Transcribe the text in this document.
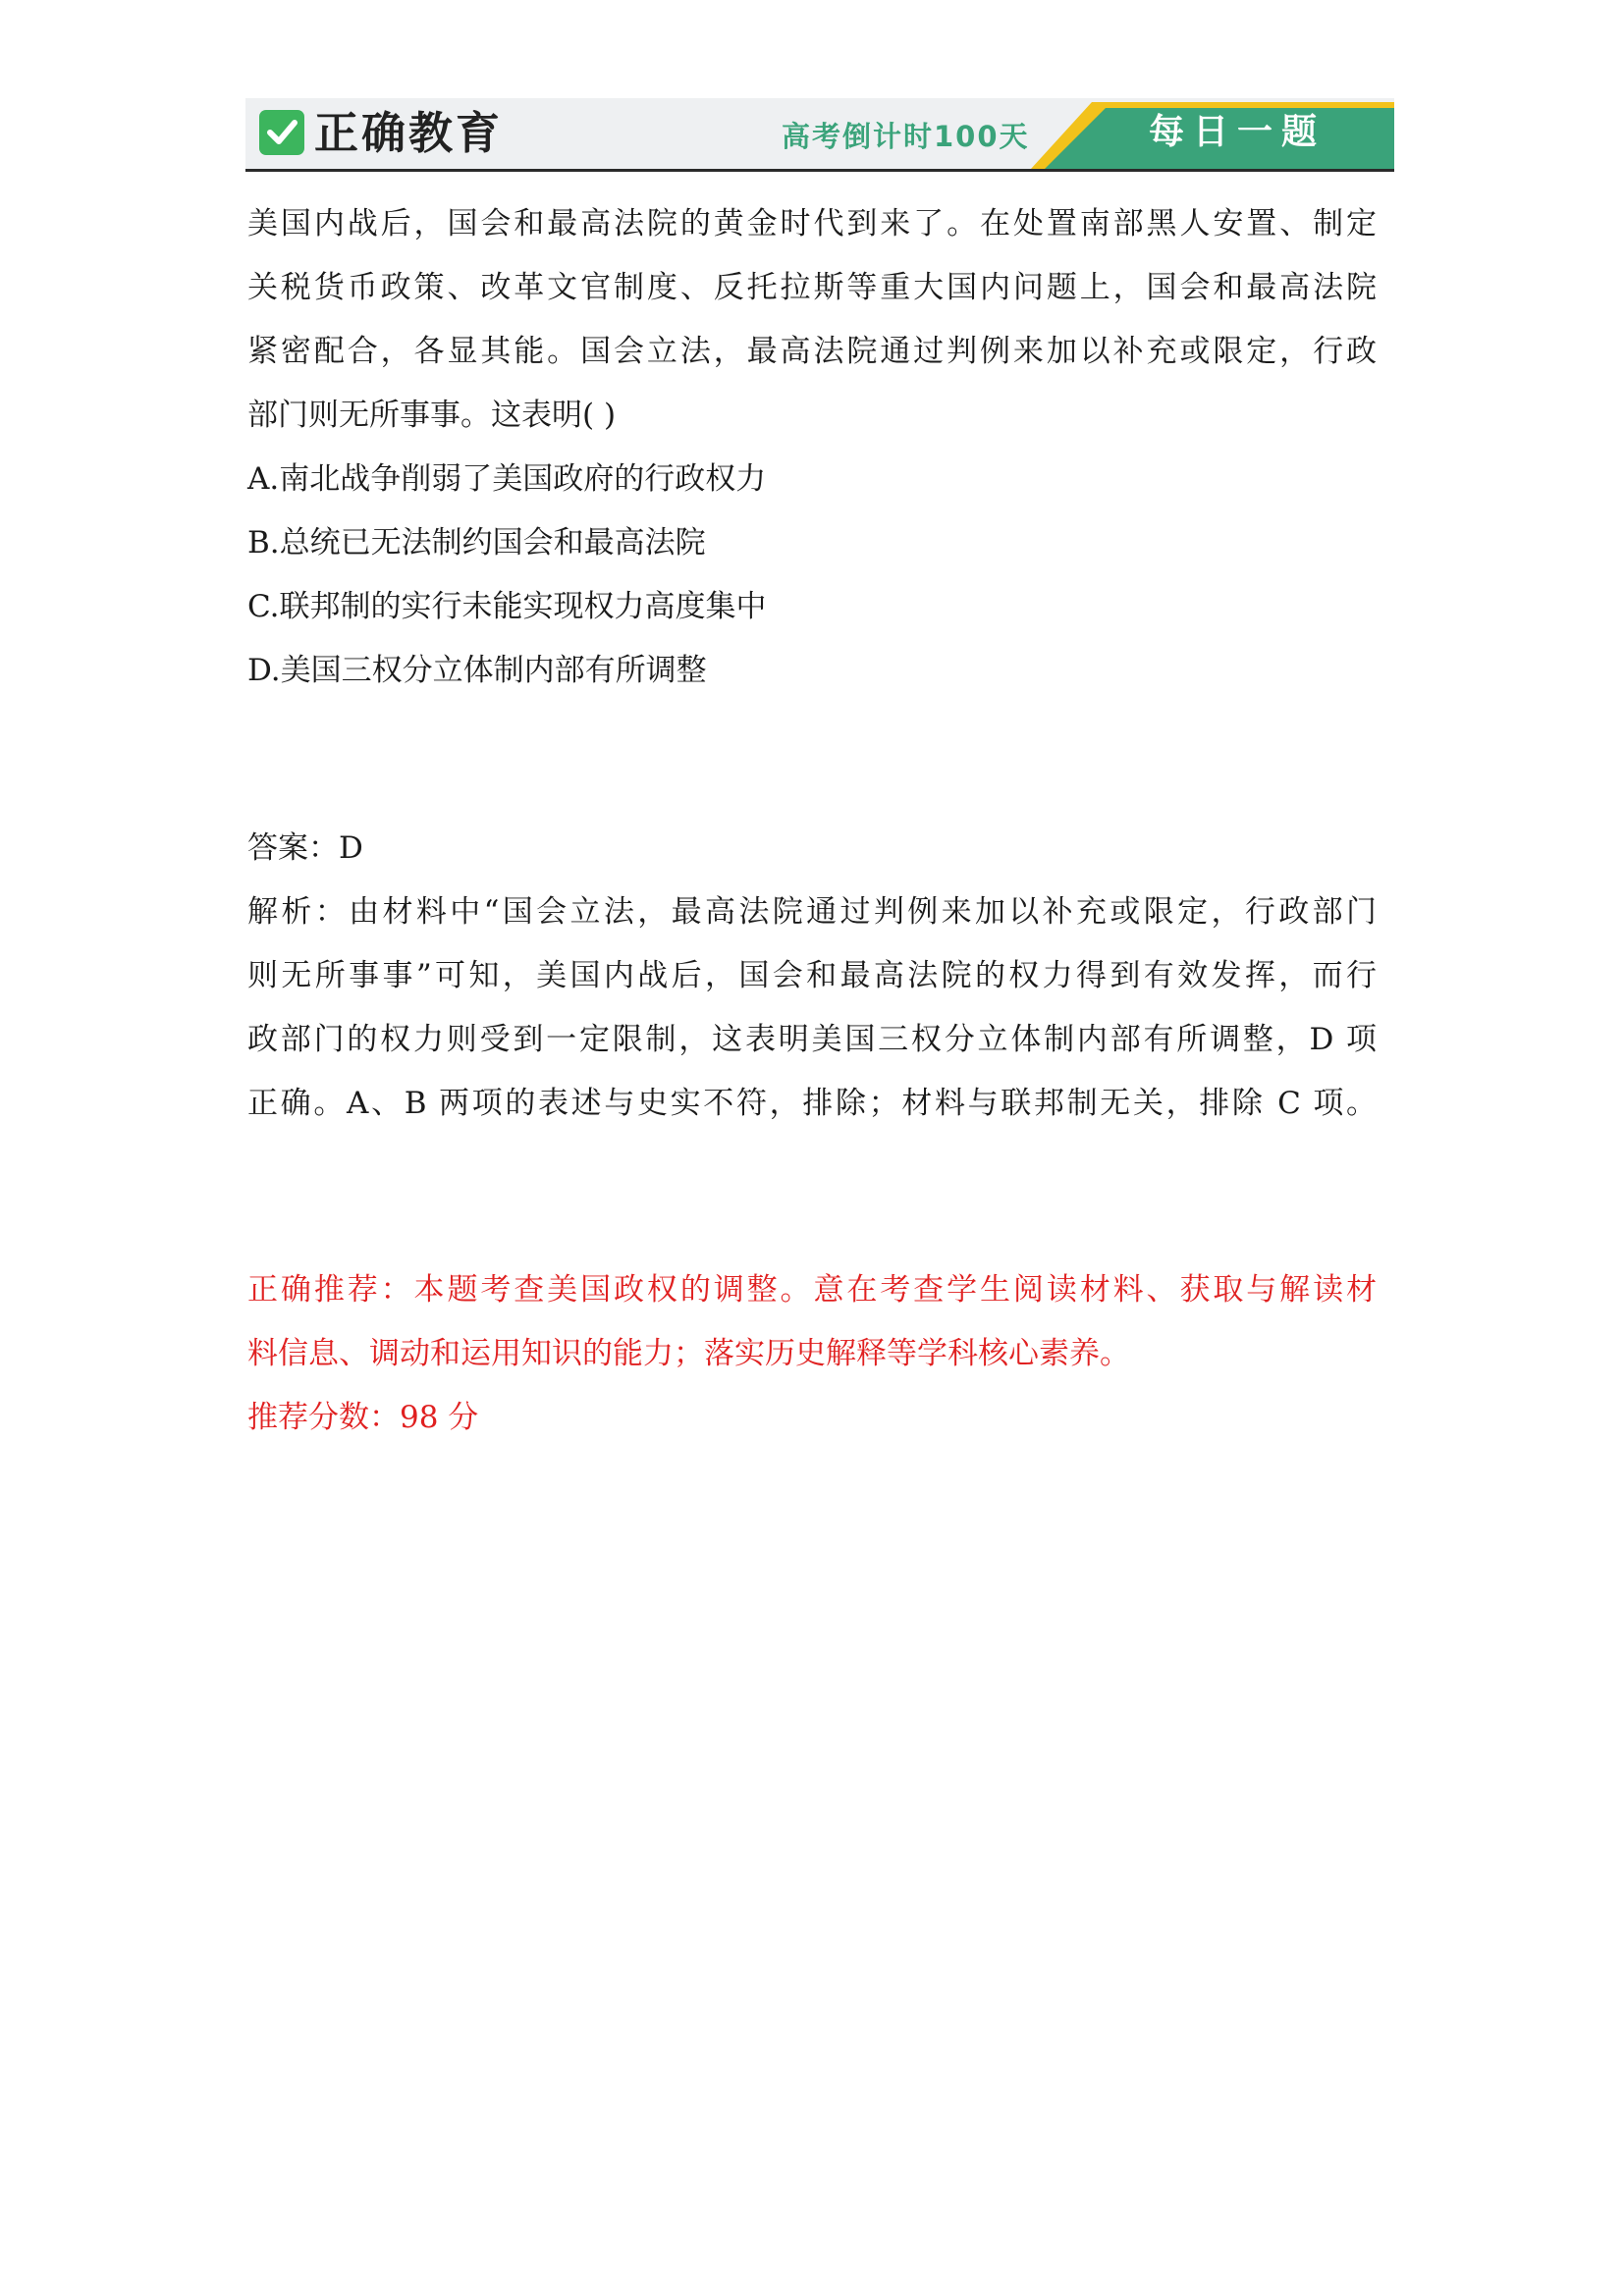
正确教育	高考倒计时100天	每日一题
美国内战后，国会和最高法院的黄金时代到来了。在处置南部黑人安置、制定
关税货币政策、改革文官制度、反托拉斯等重大国内问题上，国会和最高法院
紧密配合，各显其能。国会立法，最高法院通过判例来加以补充或限定，行政
部门则无所事事。这表明( )
A.南北战争削弱了美国政府的行政权力
B.总统已无法制约国会和最高法院
C.联邦制的实行未能实现权力高度集中
D.美国三权分立体制内部有所调整
答案：D
解析：由材料中“国会立法，最高法院通过判例来加以补充或限定，行政部门
则无所事事”可知，美国内战后，国会和最高法院的权力得到有效发挥，而行
政部门的权力则受到一定限制，这表明美国三权分立体制内部有所调整，D 项
正确。A、B 两项的表述与史实不符，排除；材料与联邦制无关，排除 C 项。
正确推荐：本题考查美国政权的调整。意在考查学生阅读材料、获取与解读材
料信息、调动和运用知识的能力；落实历史解释等学科核心素养。
推荐分数：98 分
